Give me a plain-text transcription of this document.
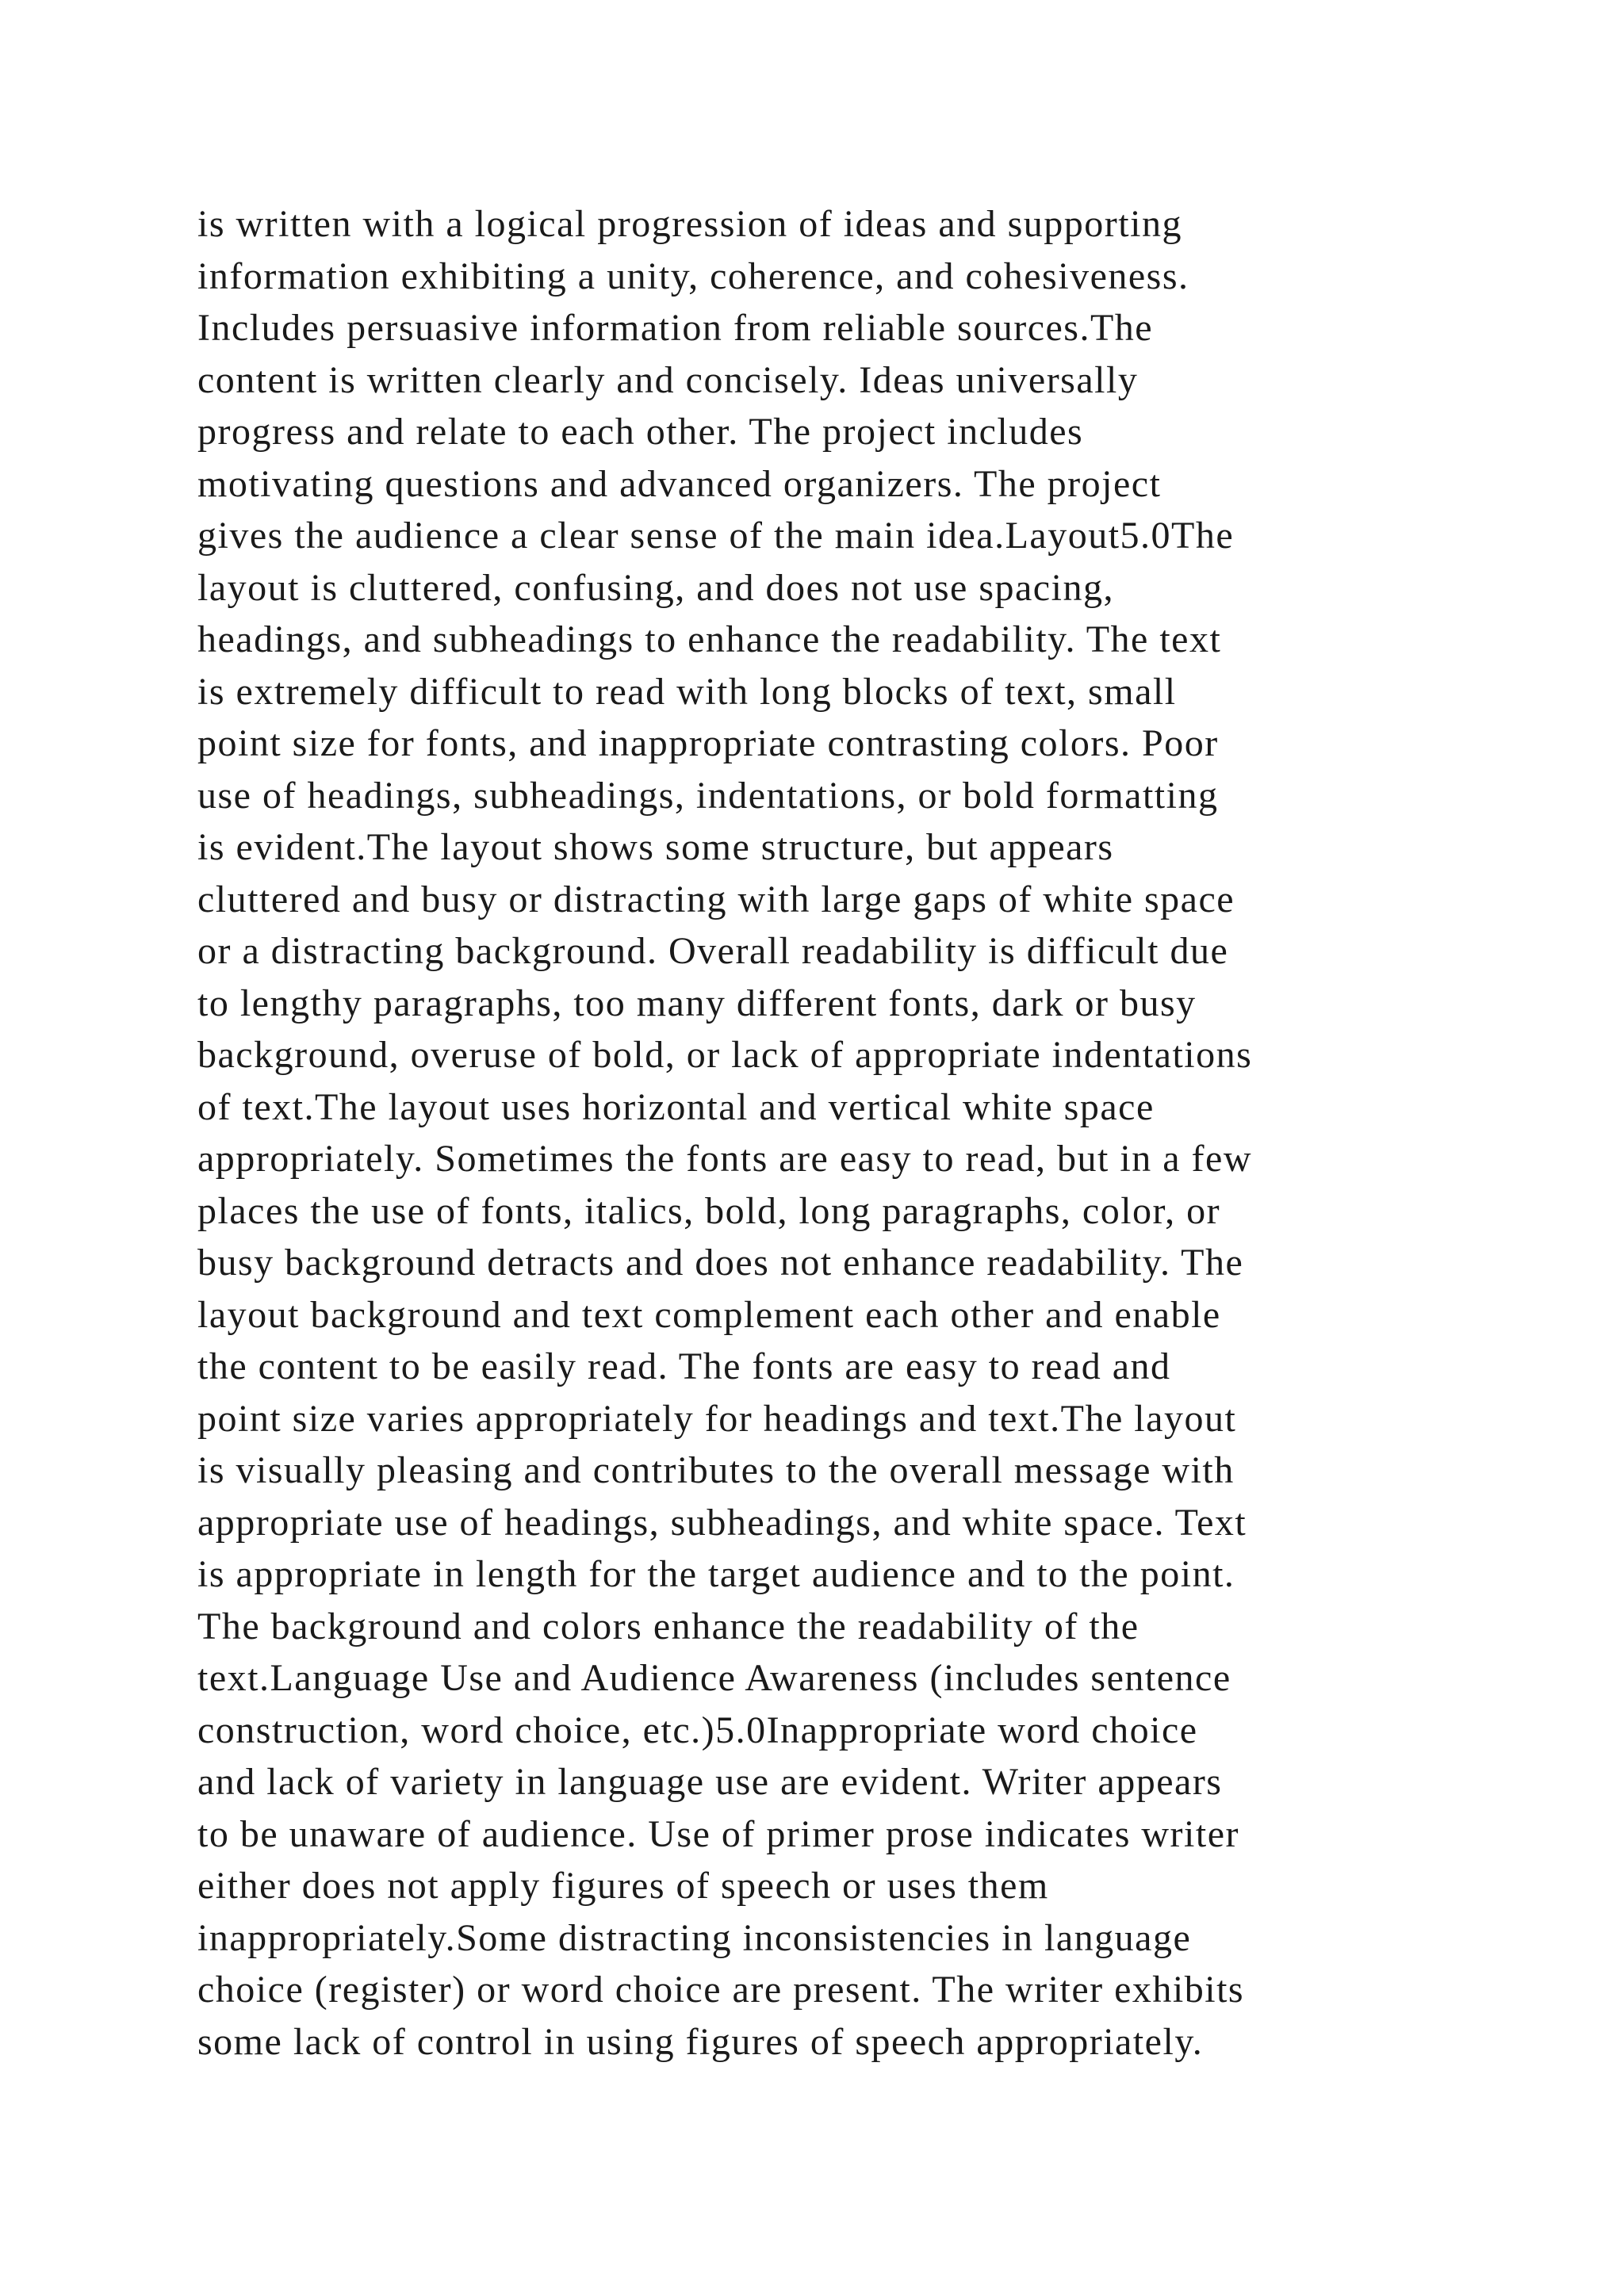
is written with a logical progression of ideas and supporting
information exhibiting a unity, coherence, and cohesiveness.
Includes persuasive information from reliable sources.The
content is written clearly and concisely. Ideas universally
progress and relate to each other. The project includes
motivating questions and advanced organizers. The project
gives the audience a clear sense of the main idea.Layout5.0The
layout is cluttered, confusing, and does not use spacing,
headings, and subheadings to enhance the readability. The text
is extremely difficult to read with long blocks of text, small
point size for fonts, and inappropriate contrasting colors. Poor
use of headings, subheadings, indentations, or bold formatting
is evident.The layout shows some structure, but appears
cluttered and busy or distracting with large gaps of white space
or a distracting background. Overall readability is difficult due
to lengthy paragraphs, too many different fonts, dark or busy
background, overuse of bold, or lack of appropriate indentations
of text.The layout uses horizontal and vertical white space
appropriately. Sometimes the fonts are easy to read, but in a few
places the use of fonts, italics, bold, long paragraphs, color, or
busy background detracts and does not enhance readability. The
layout background and text complement each other and enable
the content to be easily read. The fonts are easy to read and
point size varies appropriately for headings and text.The layout
is visually pleasing and contributes to the overall message with
appropriate use of headings, subheadings, and white space. Text
is appropriate in length for the target audience and to the point.
The background and colors enhance the readability of the
text.Language Use and Audience Awareness (includes sentence
construction, word choice, etc.)5.0Inappropriate word choice
and lack of variety in language use are evident. Writer appears
to be unaware of audience. Use of primer prose indicates writer
either does not apply figures of speech or uses them
inappropriately.Some distracting inconsistencies in language
choice (register) or word choice are present. The writer exhibits
some lack of control in using figures of speech appropriately.
